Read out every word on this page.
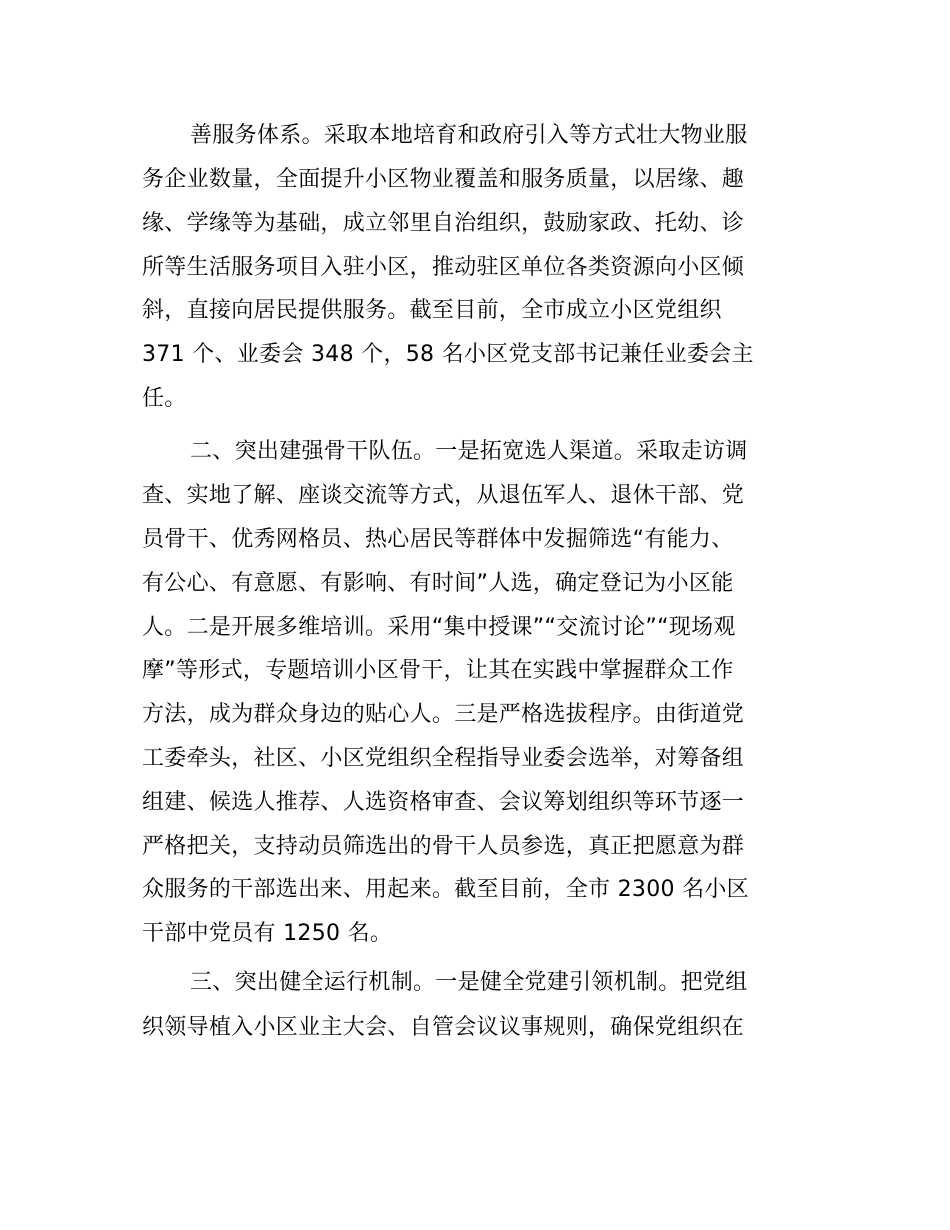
善服务体系。采取本地培育和政府引入等方式壮大物业服
务企业数量，全面提升小区物业覆盖和服务质量，以居缘、趣
缘、学缘等为基础，成立邻里自治组织，鼓励家政、托幼、诊
所等生活服务项目入驻小区，推动驻区单位各类资源向小区倾
斜，直接向居民提供服务。截至目前，全市成立小区党组织
371 个、业委会 348 个，58 名小区党支部书记兼任业委会主
任。
二、突出建强骨干队伍。一是拓宽选人渠道。采取走访调
查、实地了解、座谈交流等方式，从退伍军人、退休干部、党
员骨干、优秀网格员、热心居民等群体中发掘筛选“有能力、
有公心、有意愿、有影响、有时间”人选，确定登记为小区能
人。二是开展多维培训。采用“集中授课”“交流讨论”“现场观
摩”等形式，专题培训小区骨干，让其在实践中掌握群众工作
方法，成为群众身边的贴心人。三是严格选拔程序。由街道党
工委牵头，社区、小区党组织全程指导业委会选举，对筹备组
组建、候选人推荐、人选资格审查、会议筹划组织等环节逐一
严格把关，支持动员筛选出的骨干人员参选，真正把愿意为群
众服务的干部选出来、用起来。截至目前，全市 2300 名小区
干部中党员有 1250 名。
三、突出健全运行机制。一是健全党建引领机制。把党组
织领导植入小区业主大会、自管会议议事规则，确保党组织在
